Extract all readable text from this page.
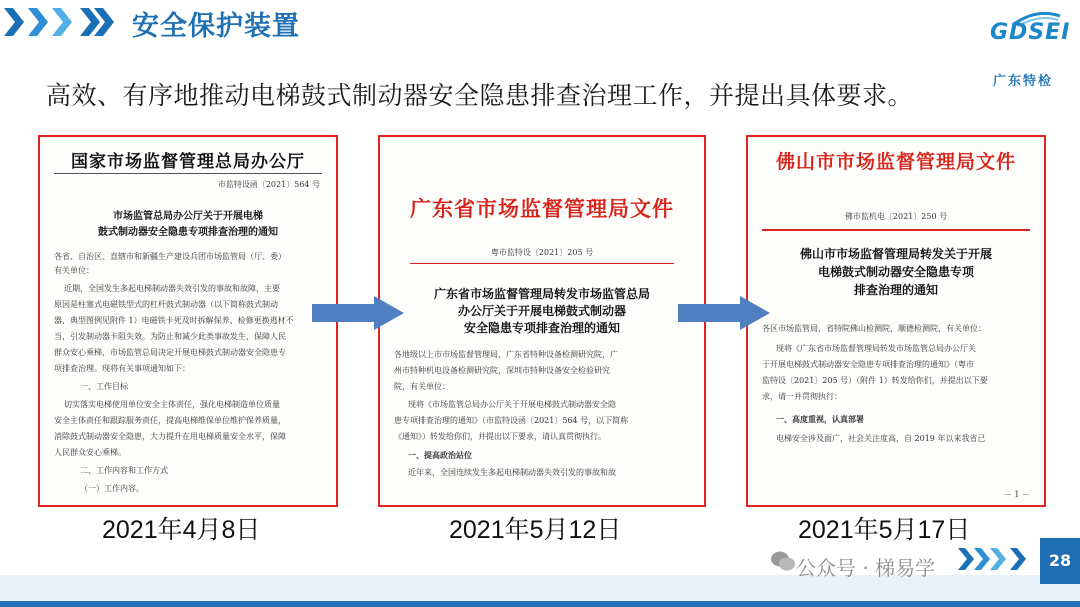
安全保护装置
高效、有序地推动电梯鼓式制动器安全隐患排查治理工作，并提出具体要求。
GDSEI
广东特检
国家市场监督管理总局办公厅
市监特设函〔2021〕564 号
市场监管总局办公厅关于开展电梯
鼓式制动器安全隐患专项排查治理的通知
各省、自治区、直辖市和新疆生产建设兵团市场监管局（厅、委）
有关单位：
近期，全国发生多起电梯制动器失效引发的事故和故障，主要
原因是柱塞式电磁铁型式的杠杆鼓式制动器（以下简称鼓式制动
器，典型图例见附件 1）电磁铁卡死及时拆解保养、检修更换逃材不
当，引发制动器卡阻失效。为防止和减少此类事故发生，保障人民
群众安心乘梯，市场监管总局决定开展电梯鼓式制动器安全隐患专
项排查治理。现将有关事项通知如下：
一、工作目标
切实落实电梯使用单位安全主体责任，强化电梯制造单位质量
安全主体责任和跟踪服务责任，提高电梯维保单位维护保养质量，
消除鼓式制动器安全隐患，大力提升在用电梯质量安全水平，保障
人民群众安心乘梯。
二、工作内容和工作方式
（一）工作内容。
广东省市场监督管理局文件
粤市监特设〔2021〕205 号
广东省市场监督管理局转发市场监管总局
办公厅关于开展电梯鼓式制动器
安全隐患专项排查治理的通知
各地级以上市市场监督管理局，广东省特种设备检测研究院，广
州市特种机电设备检测研究院，深圳市特种设备安全检验研究
院，有关单位：
现将《市场监管总局办公厅关于开展电梯鼓式制动器安全隐
患专项排查治理的通知》（市监特设函〔2021〕564 号，以下简称
《通知》）转发给你们，并提出以下要求，请认真贯彻执行。
一、提高政治站位
近年来，全国连续发生多起电梯制动器失效引发的事故和故
佛山市市场监督管理局文件
佛市监机电〔2021〕250 号
佛山市市场监督管理局转发关于开展
电梯鼓式制动器安全隐患专项
排查治理的通知
各区市场监管局，省特院佛山检测院，顺德检测院，有关单位：
现将《广东省市场监督管理局转发市场监管总局办公厅关
于开展电梯鼓式制动器安全隐患专项排查治理的通知》（粤市
监特设〔2021〕205 号）（附件 1）转发给你们，并提出以下要
求，请一并贯彻执行：
一、高度重视，认真部署
电梯安全涉及面广，社会关注度高，自 2019 年以来我省已
－ 1 －
2021年4月8日	2021年5月12日	2021年5月17日
公众号 · 梯易学	28
